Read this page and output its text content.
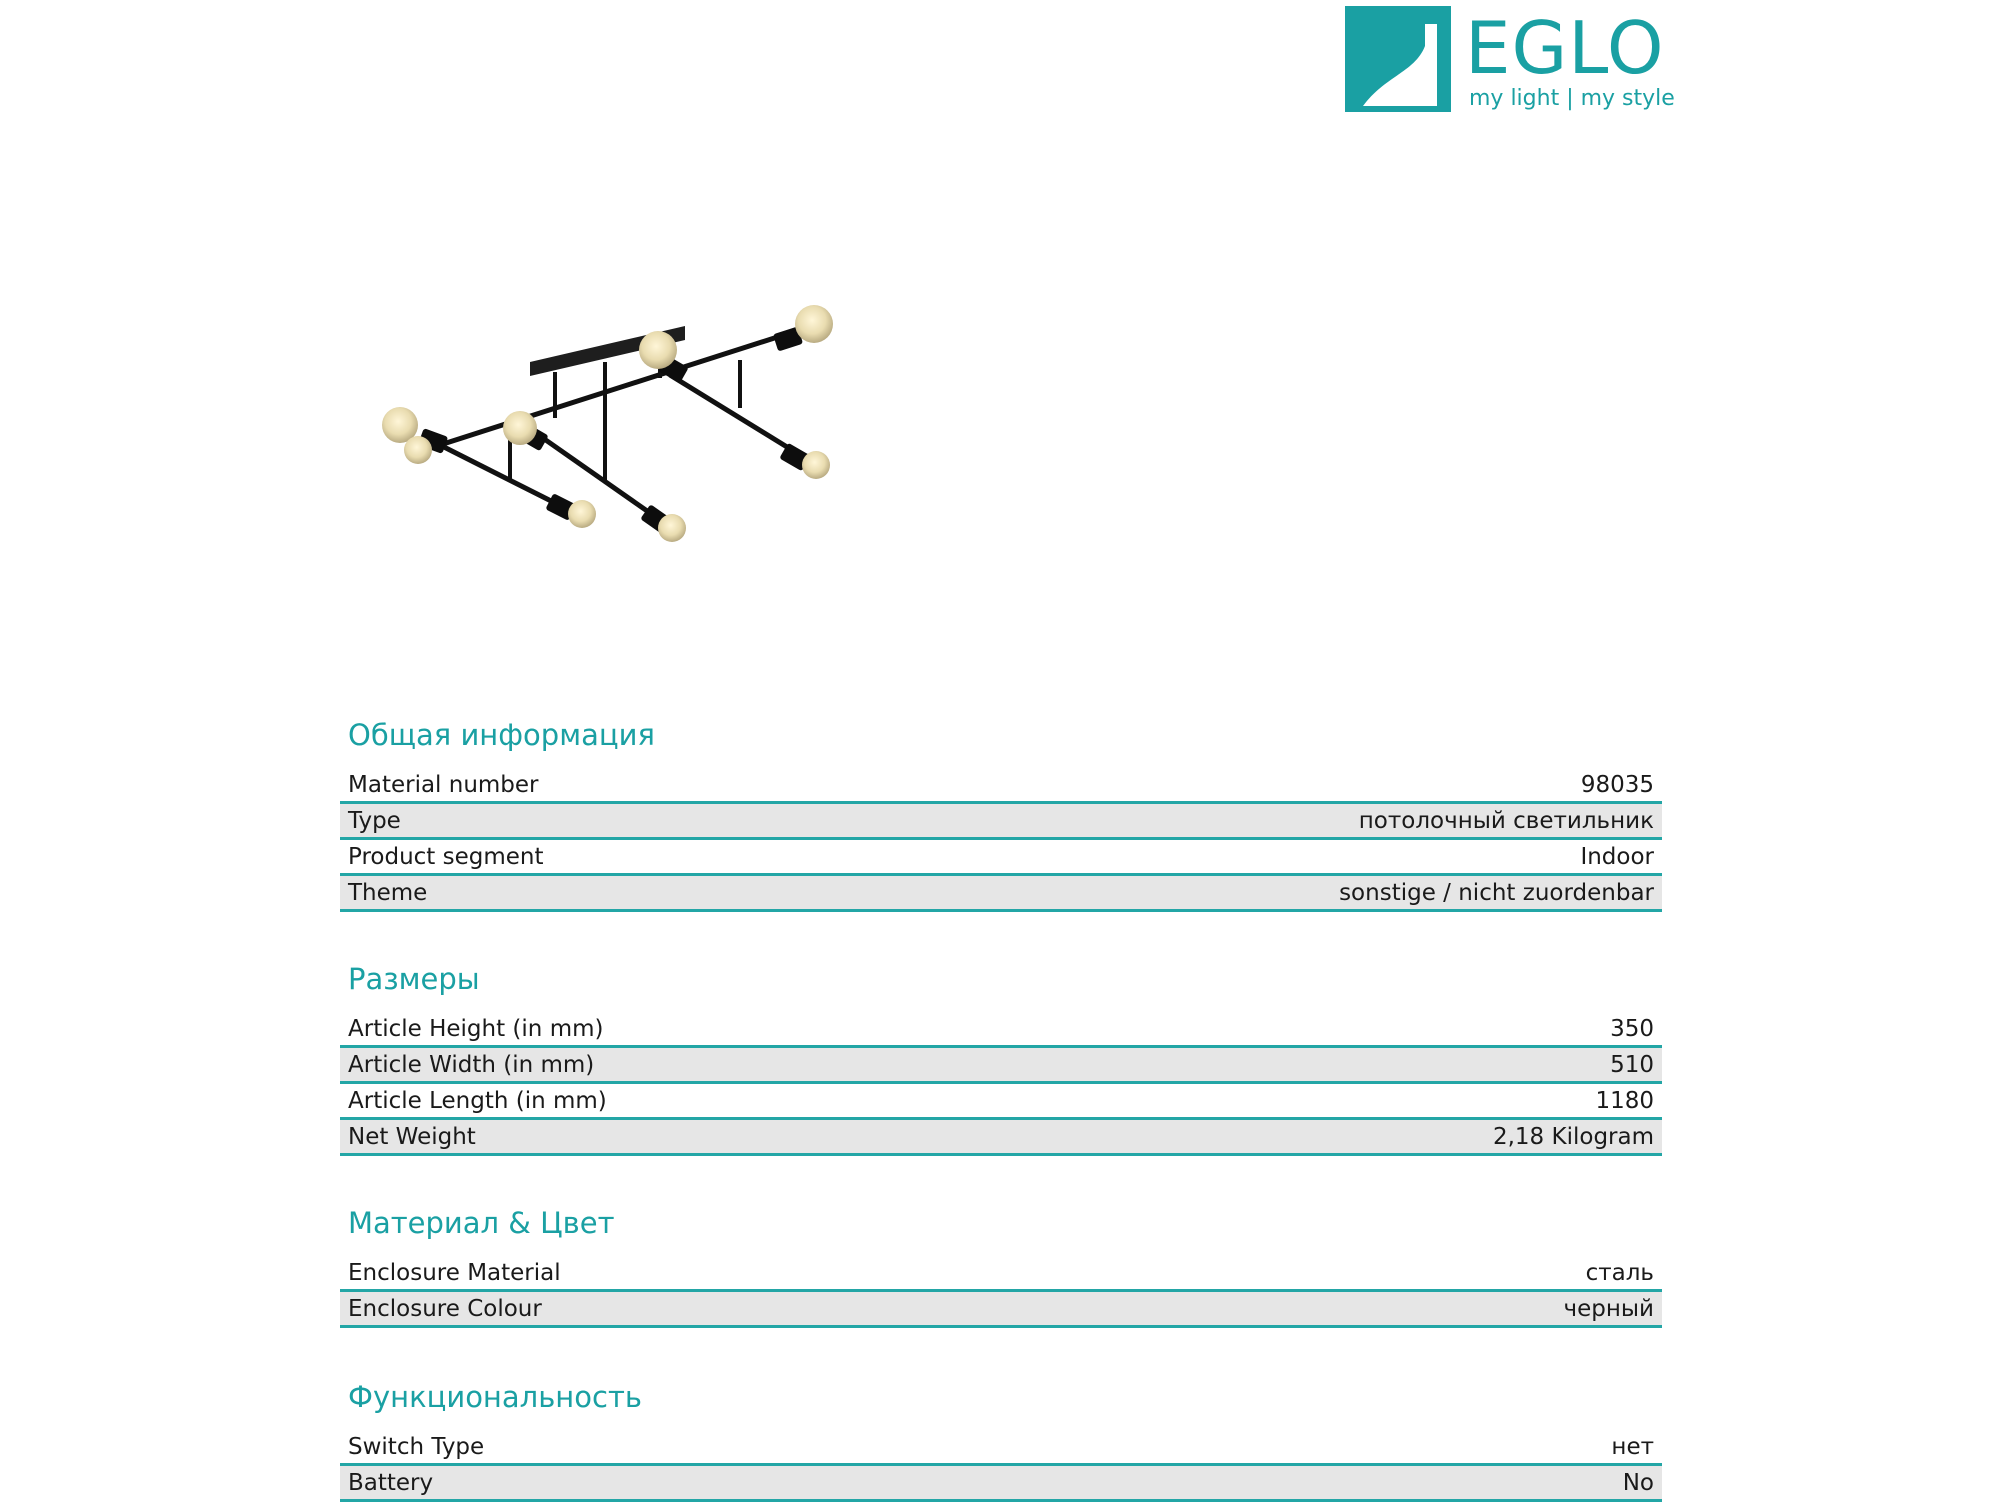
EGLO
my light | my style
Общая информация
Material number	98035
Type	потолочный светильник
Product segment	Indoor
Theme	sonstige / nicht zuordenbar
Размеры
Article Height (in mm)	350
Article Width (in mm)	510
Article Length (in mm)	1180
Net Weight	2,18 Kilogram
Материал & Цвет
Enclosure Material	сталь
Enclosure Colour	черный
Функциональность
Switch Type	нет
Battery	No
